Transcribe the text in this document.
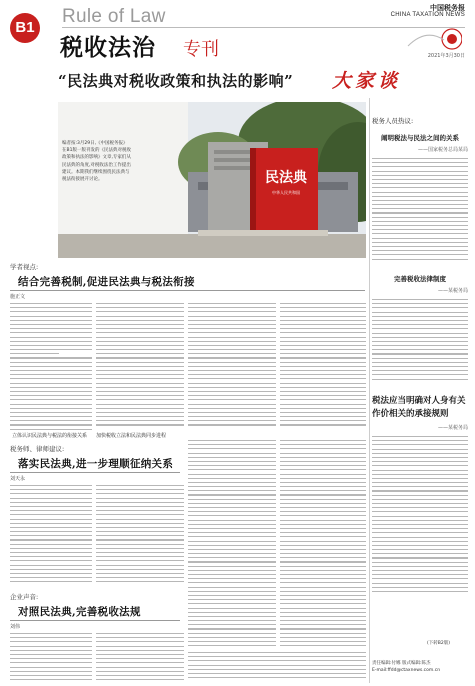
B1
Rule of Law
税收法治 专刊
中国税务报
CHINA TAXATION NEWS
2021年3月30日
“民法典对税收政策和执法的影响” 大家谈
民法典
中华人民共和国
编者按:3月29日,《中国税务报》在B1版一版刊发的《民法典对税收政策和执法的影响》文章,专家们从民法典的角度,对税收法治工作提出建议。本期我们继续围绕民法典与税法衔接展开讨论。
学者视点:
结合完善税制,促进民法典与税法衔接
施正文
立体认识民法典与税法的衔接关系 加快税收立法和民法典同步进程
税务师、律师建议:
落实民法典,进一步理顺征纳关系
刘天永
企业声音:
对照民法典,完善税收法规
刘伟
税务人员热议:
阐明税法与民法之间的关系
——国家税务总局某局
完善税收法律制度
——某税务局
税法应当明确对人身有关作价相关的承接规则
——某税务局
(下转B2版)
责任编辑:付娜 版式编辑:陈杰
E-mail:ffdd@ctaxnews.com.cn
